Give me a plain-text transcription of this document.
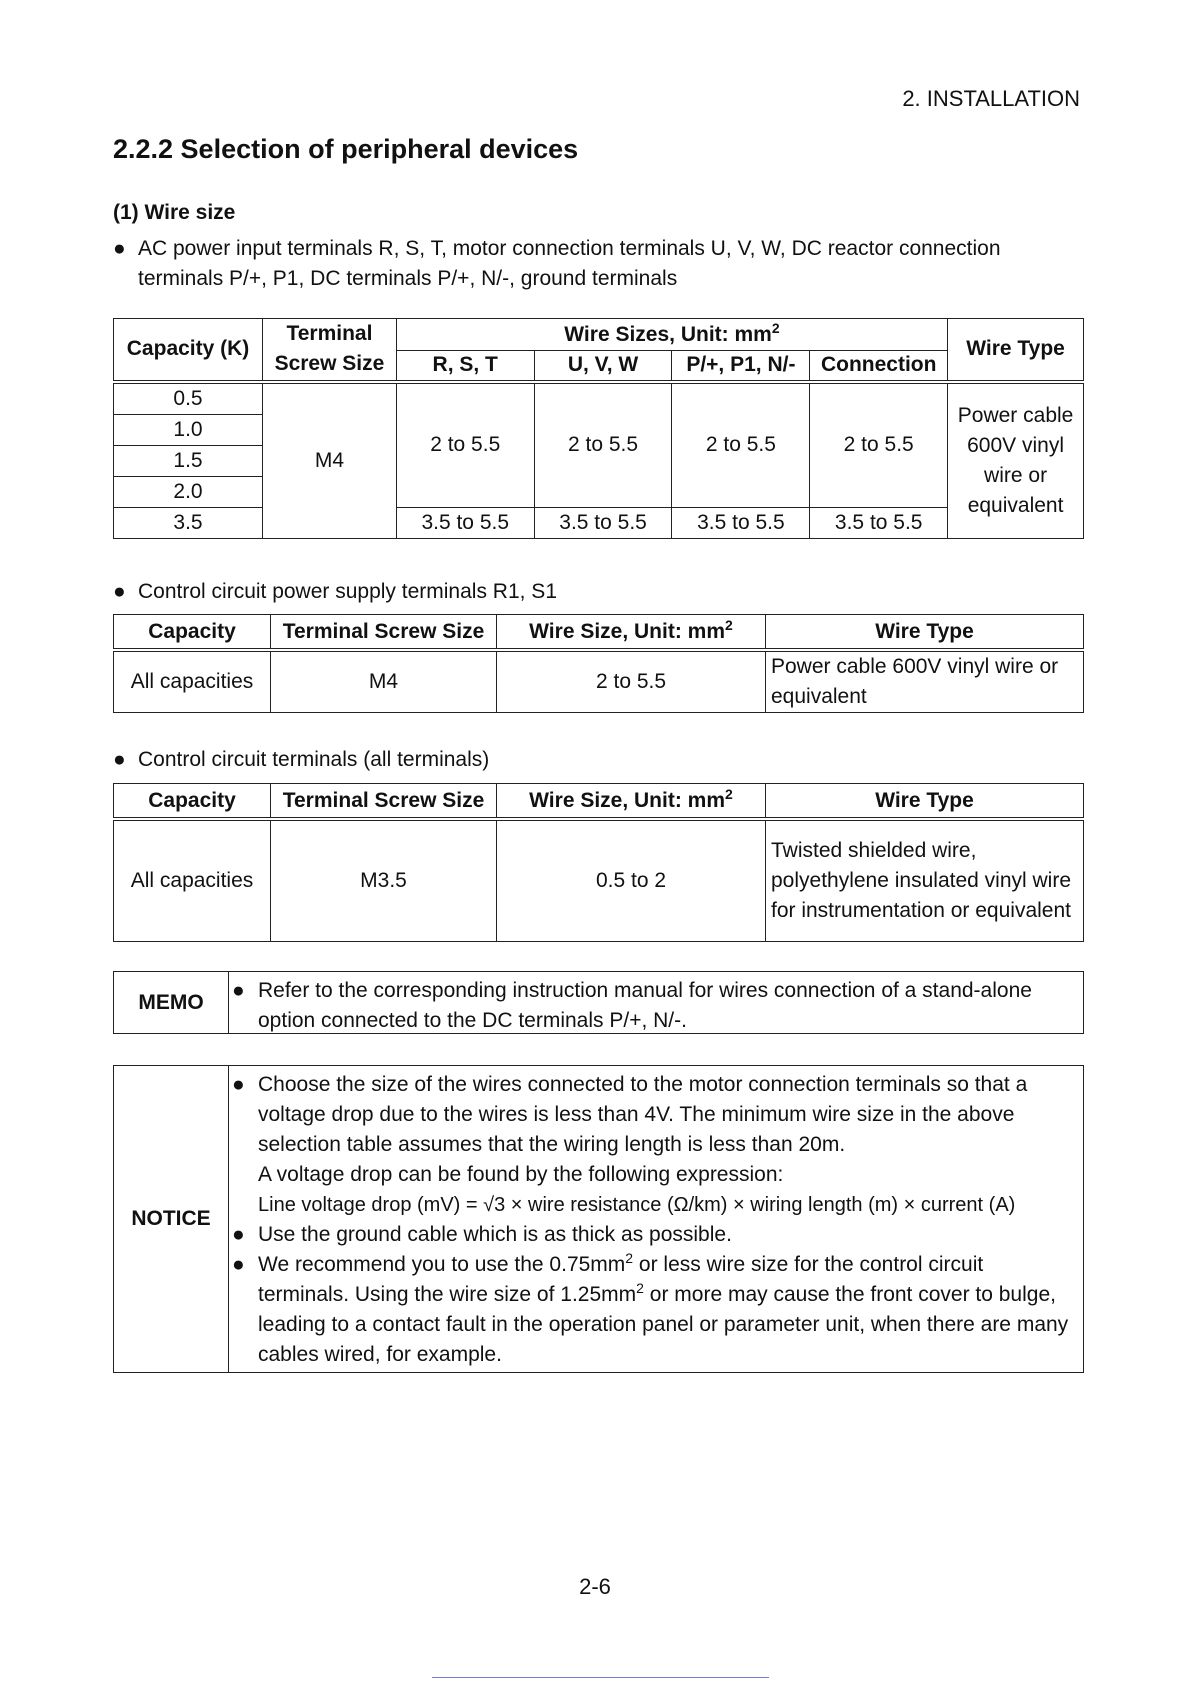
2. INSTALLATION
2.2.2 Selection of peripheral devices
(1) Wire size
● AC power input terminals R, S, T, motor connection terminals U, V, W, DC reactor connection terminals P/+, P1, DC terminals P/+, N/-, ground terminals
Capacity (K)	Terminal Screw Size	Wire Sizes, Unit: $mm^2$				Wire Type
		R, S, T	U, V, W	P/+, P1, N/-	Connection	
0.5	M4	2 to 5.5	2 to 5.5	2 to 5.5	2 to 5.5	Power cable 600V vinyl wire or equivalent
1.0						
1.5						
2.0						
3.5		3.5 to 5.5	3.5 to 5.5	3.5 to 5.5	3.5 to 5.5	
● Control circuit power supply terminals R1, S1
Capacity	Terminal Screw Size	Wire Size, Unit: $mm^2$	Wire Type
All capacities	M4	2 to 5.5	Power cable 600V vinyl wire or equivalent
● Control circuit terminals (all terminals)
Capacity	Terminal Screw Size	Wire Size, Unit: $mm^2$	Wire Type
All capacities	M3.5	0.5 to 2	Twisted shielded wire, polyethylene insulated vinyl wire for instrumentation or equivalent
MEMO	● Refer to the corresponding instruction manual for wires connection of a stand-alone option connected to the DC terminals P/+, N/-.
NOTICE
● Choose the size of the wires connected to the motor connection terminals so that a voltage drop due to the wires is less than 4V. The minimum wire size in the above selection table assumes that the wiring length is less than 20m.
A voltage drop can be found by the following expression:
Line voltage drop (mV) = √3 × wire resistance (Ω/km) × wiring length (m) × current (A)
● Use the ground cable which is as thick as possible.
● We recommend you to use the $0.75mm^2$ or less wire size for the control circuit terminals. Using the wire size of $1.25mm^2$ or more may cause the front cover to bulge, leading to a contact fault in the operation panel or parameter unit, when there are many cables wired, for example.
2-6
